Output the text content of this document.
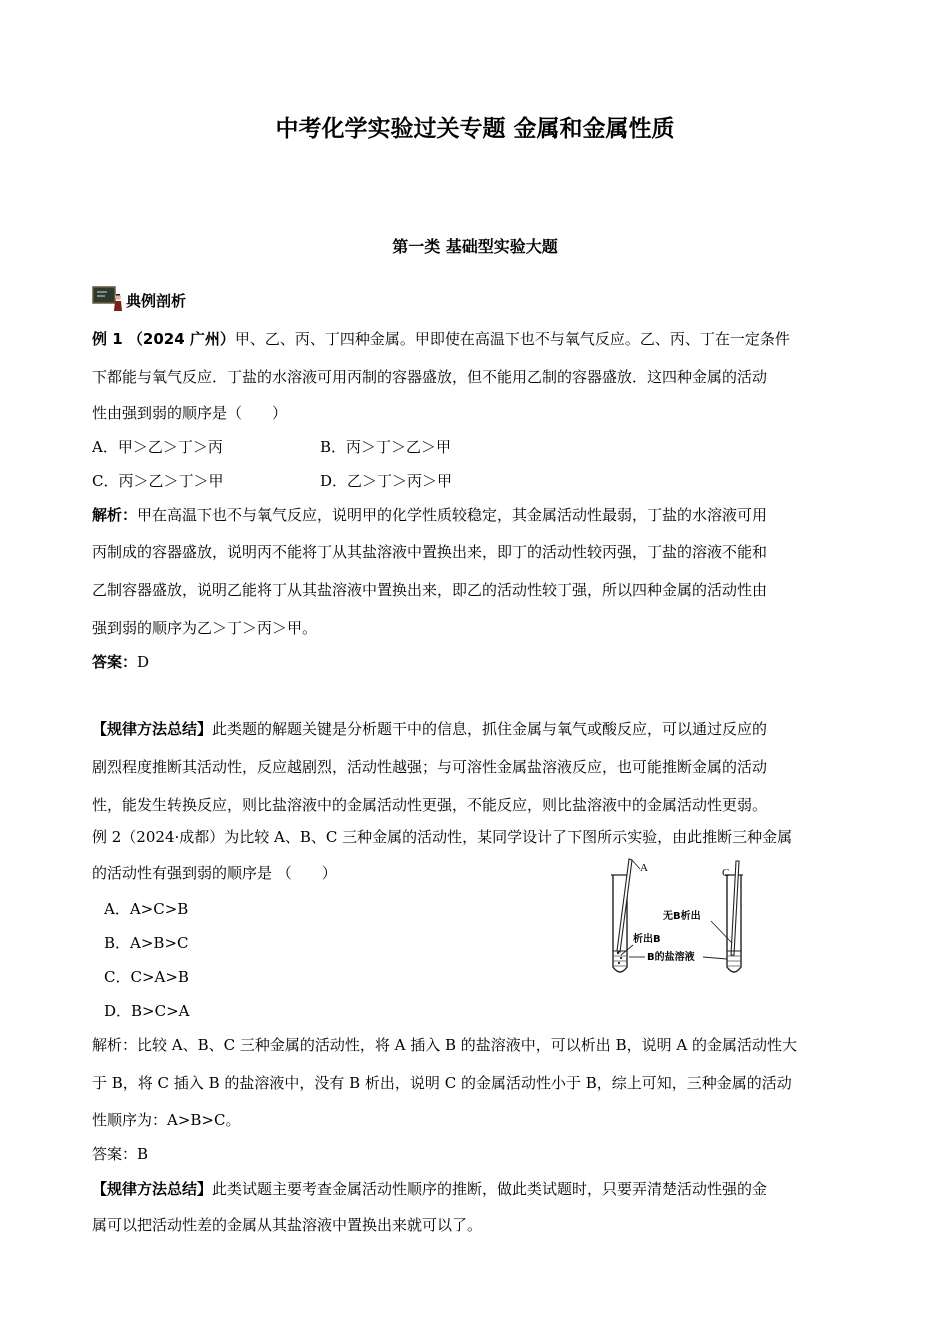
中考化学实验过关专题 金属和金属性质
第一类 基础型实验大题
典例剖析
例 1 （2024 广州）甲、乙、丙、丁四种金属。甲即使在高温下也不与氧气反应。乙、丙、丁在一定条件
下都能与氧气反应．丁盐的水溶液可用丙制的容器盛放，但不能用乙制的容器盛放．这四种金属的活动
性由强到弱的顺序是（　　）
A．甲＞乙＞丁＞丙	B．丙＞丁＞乙＞甲
C．丙＞乙＞丁＞甲	D．乙＞丁＞丙＞甲
解析：甲在高温下也不与氧气反应，说明甲的化学性质较稳定，其金属活动性最弱，丁盐的水溶液可用
丙制成的容器盛放，说明丙不能将丁从其盐溶液中置换出来，即丁的活动性较丙强，丁盐的溶液不能和
乙制容器盛放，说明乙能将丁从其盐溶液中置换出来，即乙的活动性较丁强，所以四种金属的活动性由
强到弱的顺序为乙＞丁＞丙＞甲。
答案：D
【规律方法总结】此类题的解题关键是分析题干中的信息，抓住金属与氧气或酸反应，可以通过反应的
剧烈程度推断其活动性，反应越剧烈，活动性越强；与可溶性金属盐溶液反应，也可能推断金属的活动
性，能发生转换反应，则比盐溶液中的金属活动性更强，不能反应，则比盐溶液中的金属活动性更弱。
例 2（2024·成都）为比较 A、B、C 三种金属的活动性，某同学设计了下图所示实验，由此推断三种金属
的活动性有强到弱的顺序是 （　　）
A．A>C>B
B．A>B>C
C．C>A>B
D．B>C>A
A	C
无B析出
析出B
B的盐溶液
解析：比较 A、B、C 三种金属的活动性，将 A 插入 B 的盐溶液中，可以析出 B，说明 A 的金属活动性大
于 B，将 C 插入 B 的盐溶液中，没有 B 析出，说明 C 的金属活动性小于 B，综上可知，三种金属的活动
性顺序为：A>B>C。
答案：B
【规律方法总结】此类试题主要考查金属活动性顺序的推断，做此类试题时，只要弄清楚活动性强的金
属可以把活动性差的金属从其盐溶液中置换出来就可以了。
